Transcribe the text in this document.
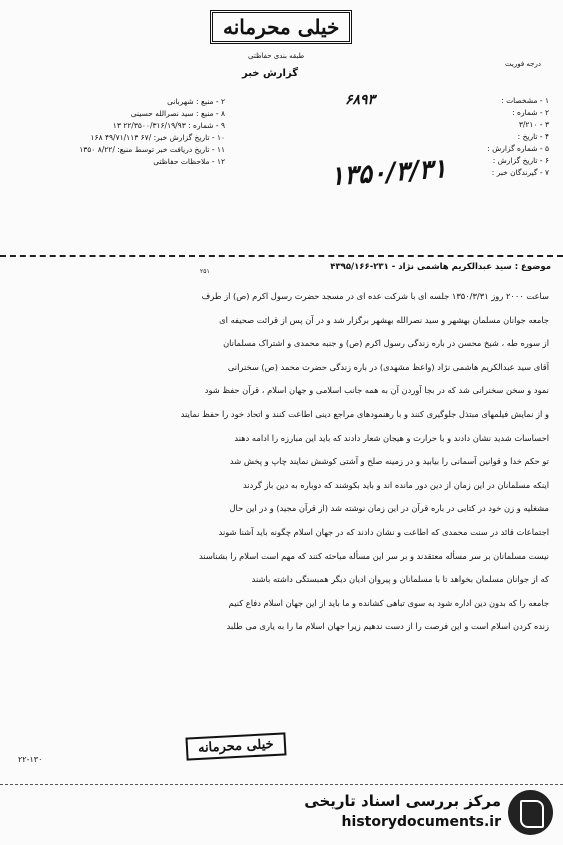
خیلی محرمانه
طبقه بندی حفاظتی
گزارش خبر
درجه فوریت
۲ - منبع : شهربانی
۸ - منبع : سید نصرالله حسینی
۹ - شماره : ۲۲/۳۵۰۰/۳۱۶/۱۹/۹۳ ۱۳
۱۰ - تاریخ گزارش خبر: /۶۷ ۴۹/۷۱/۱۱۳ ۱۶۸
۱۱ - تاریخ دریافت خبر توسط منبع: /۸/۲۲ ۱۳۵۰
۱۲ - ملاحظات حفاظتی
۱ - مشخصات :
۲ - شماره :
۳ - ۳/۲۱۰
۴ - تاریخ :
۵ - شماره گزارش :
۶ - تاریخ گزارش :
۷ - گیرندگان خبر :
۶۸۹۳
۱۳۵۰/۳/۳۱
موضوع : سید عبدالکریم هاشمی نژاد - ۲۳۱-۴۳۹۵/۱۶۶
۲۵۱
ساعت ۲۰۰۰ روز ۱۳۵۰/۳/۳۱ جلسه ای با شرکت عده ای در مسجد حضرت رسول اکرم (ص) از طرف
جامعه جوانان مسلمان بهشهر و سید نصرالله بهشهر برگزار شد و در آن پس از قرائت صحیفه ای
از سوره طه ، شیخ محسن در باره زندگی رسول اکرم (ص) و جنبه محمدی و اشتراک مسلمانان
آقای سید عبدالکریم هاشمی نژاد (واعظ مشهدی) در باره زندگی حضرت محمد (ص) سخنرانی
نمود و سخن سخنرانی شد که در بجا آوردن آن به همه جانب اسلامی و جهان اسلام ، قرآن حفظ شود
و از نمایش فیلمهای مبتذل جلوگیری کنند و با رهنمودهای مراجع دینی اطاعت کنند و اتحاد خود را حفظ نمایند
احساسات شدید نشان دادند و با حرارت و هیجان شعار دادند که باید این مبارزه را ادامه دهند
تو حکم خدا و قوانین آسمانی را بیابید و در زمینه صلح و آشتی کوشش نمایند چاپ و پخش شد
اینکه مسلمانان در این زمان از دین دور مانده اند و باید بکوشند که دوباره به دین باز گردند
مشغلیه و زن خود در کتابی در باره قرآن در این زمان نوشته شد (از قرآن مجید) و در این حال
اجتماعات قائد در سنت محمدی که اطاعت و نشان دادند که در جهان اسلام چگونه باید آشنا شوند
نیست مسلمانان بر سر مسأله معتقدند و بر سر این مسأله مباحثه کنند که مهم است اسلام را بشناسند
که از جوانان مسلمان بخواهد تا با مسلمانان و پیروان ادیان دیگر همبستگی داشته باشند
جامعه را که بدون دین اداره شود به سوی تباهی کشانده و ما باید از این جهان اسلام دفاع کنیم
زنده کردن اسلام است و این فرصت را از دست ندهیم زیرا جهان اسلام ما را به یاری می طلبد
خیلی محرمانه
۲۲-۱۳۰
مرکز بررسی اسناد تاریخی
historydocuments.ir
